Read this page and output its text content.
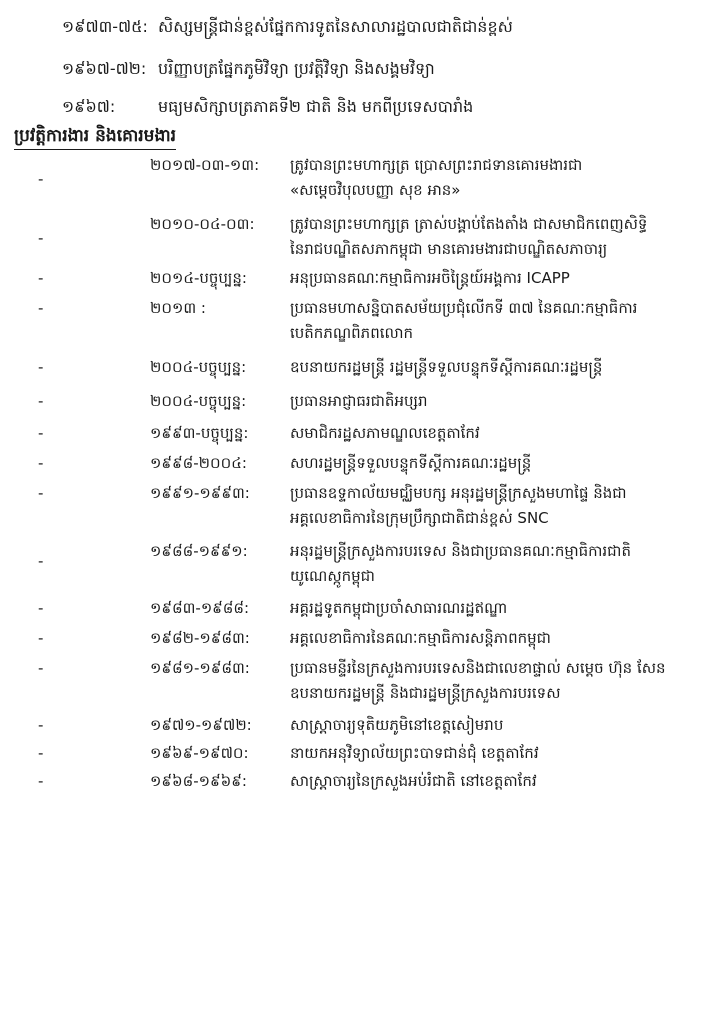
១៩៧៣-៧៥: សិស្សមន្ត្រីជាន់ខ្ពស់ផ្នែកការទូតនៃសាលារដ្ឋបាលជាតិជាន់ខ្ពស់
១៩៦៧-៧២: បរិញ្ញាបត្រផ្នែកភូមិវិទ្យា ប្រវត្តិវិទ្យា និងសង្គមវិទ្យា
១៩៦៧:	មធ្យមសិក្សាបត្រភាគទី២ ជាតិ និង មកពីប្រទេសបារាំង
ប្រវត្តិការងារ និងគោរមងារ
-
២០១៧-០៣-១៣:	ត្រូវបានព្រះមហាក្សត្រ ប្រោសព្រះរាជទានគោរមងារជា
«សម្តេចវិបុលបញ្ញា សុខ អាន»
-
២០១០-០៤-០៣:	ត្រូវបានព្រះមហាក្សត្រ ត្រាស់បង្គាប់តែងតាំង ជាសមាជិកពេញសិទ្ធិ
នៃរាជបណ្ឌិតសភាកម្ពុជា មានគោរមងារជាបណ្ឌិតសភាចារ្យ
-	២០១៤-បច្ចុប្បន្ន:	អនុប្រធានគណៈកម្មាធិការអចិន្ត្រៃយ៍អង្គការ ICAPP
-	២០១៣ :	ប្រធានមហាសន្និបាតសម័យប្រជុំលើកទី ៣៧ នៃគណៈកម្មាធិការ
បេតិកភណ្ឌពិភពលោក
-	២០០៤-បច្ចុប្បន្ន:	ឧបនាយករដ្ឋមន្ត្រី រដ្ឋមន្ត្រីទទួលបន្ទុកទីស្តីការគណៈរដ្ឋមន្ត្រី
-	២០០៤-បច្ចុប្បន្ន:	ប្រធានអាជ្ញាធរជាតិអប្សរា
-	១៩៩៣-បច្ចុប្បន្ន:	សមាជិករដ្ឋសភាមណ្ឌលខេត្តតាកែវ
-	១៩៩៨-២០០៤:	សហរដ្ឋមន្ត្រីទទួលបន្ទុកទីស្តីការគណៈរដ្ឋមន្ត្រី
-	១៩៩១-១៩៩៣:	ប្រធានឧទ្ទកាល័យមជ្ឈិមបក្ស អនុរដ្ឋមន្ត្រីក្រសួងមហាផ្ទៃ និងជា
អគ្គលេខាធិការនៃក្រុមប្រឹក្សាជាតិជាន់ខ្ពស់ SNC
-
១៩៨៨-១៩៩១:	អនុរដ្ឋមន្ត្រីក្រសួងការបរទេស និងជាប្រធានគណៈកម្មាធិការជាតិ
យូណេស្កូកម្ពុជា
-	១៩៨៣-១៩៨៨:	អគ្គរដ្ឋទូតកម្ពុជាប្រចាំសាធារណរដ្ឋឥណ្ឌា
-	១៩៨២-១៩៨៣:	អគ្គលេខាធិការនៃគណៈកម្មាធិការសន្តិភាពកម្ពុជា
-	១៩៨១-១៩៨៣:	ប្រធានមន្ទីរនៃក្រសួងការបរទេសនិងជាលេខាផ្ទាល់ សម្តេច ហ៊ុន សែន
ឧបនាយករដ្ឋមន្ត្រី និងជារដ្ឋមន្ត្រីក្រសួងការបរទេស
-	១៩៧១-១៩៧២:	សាស្ត្រាចារ្យទុតិយភូមិនៅខេត្តសៀមរាប
-	១៩៦៩-១៩៧០:	នាយកអនុវិទ្យាល័យព្រះបាទជាន់ជុំ ខេត្តតាកែវ
-	១៩៦៨-១៩៦៩:	សាស្ត្រាចារ្យនៃក្រសួងអប់រំជាតិ នៅខេត្តតាកែវ
